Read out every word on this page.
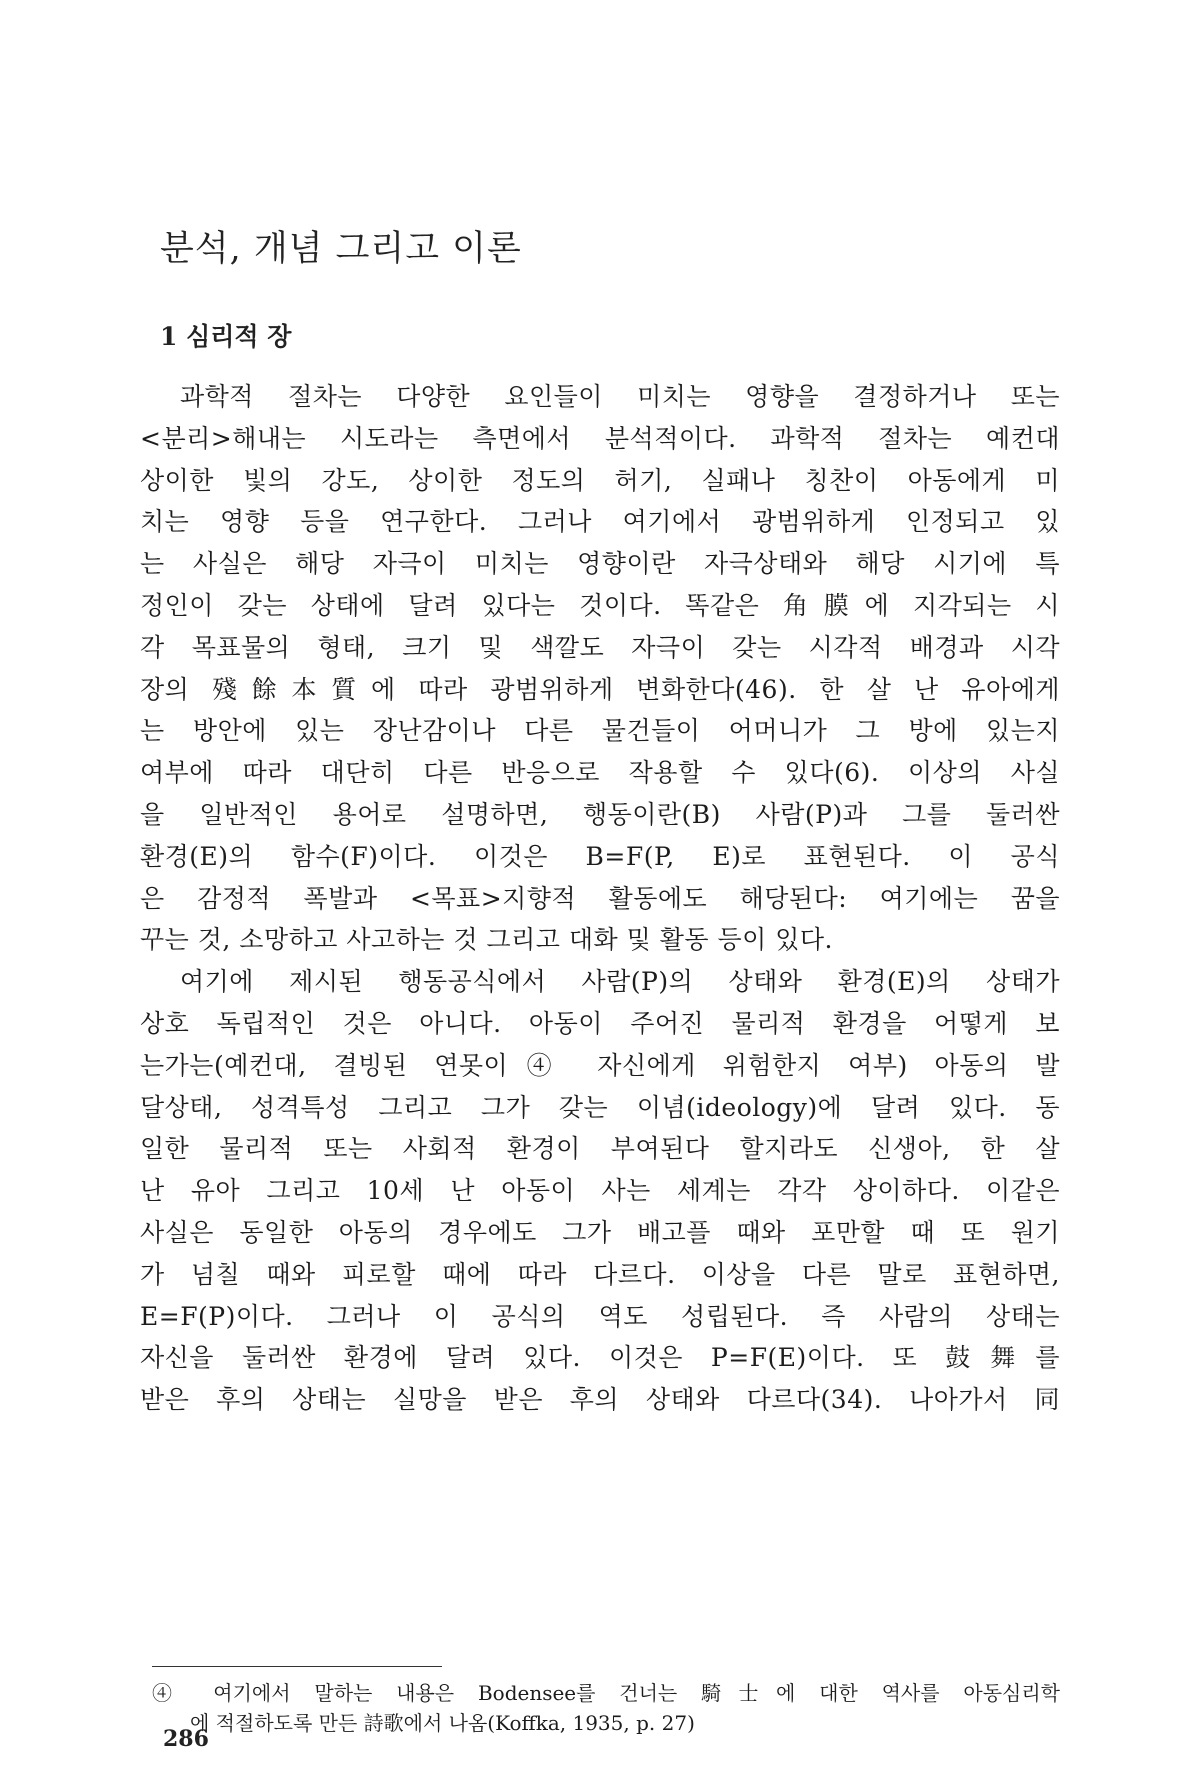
분석, 개념 그리고 이론
1 심리적 장
과학적 절차는 다양한 요인들이 미치는 영향을 결정하거나 또는
<분리>해내는 시도라는 측면에서 분석적이다. 과학적 절차는 예컨대
상이한 빛의 강도, 상이한 정도의 허기, 실패나 칭찬이 아동에게 미
치는 영향 등을 연구한다. 그러나 여기에서 광범위하게 인정되고 있
는 사실은 해당 자극이 미치는 영향이란 자극상태와 해당 시기에 특
정인이 갖는 상태에 달려 있다는 것이다. 똑같은 角膜에 지각되는 시
각 목표물의 형태, 크기 및 색깔도 자극이 갖는 시각적 배경과 시각
장의 殘餘本質에 따라 광범위하게 변화한다(46). 한 살 난 유아에게
는 방안에 있는 장난감이나 다른 물건들이 어머니가 그 방에 있는지
여부에 따라 대단히 다른 반응으로 작용할 수 있다(6). 이상의 사실
을 일반적인 용어로 설명하면, 행동이란(B) 사람(P)과 그를 둘러싼
환경(E)의 함수(F)이다. 이것은 B=F(P, E)로 표현된다. 이 공식
은 감정적 폭발과 <목표>지향적 활동에도 해당된다: 여기에는 꿈을
꾸는 것, 소망하고 사고하는 것 그리고 대화 및 활동 등이 있다.
여기에 제시된 행동공식에서 사람(P)의 상태와 환경(E)의 상태가
상호 독립적인 것은 아니다. 아동이 주어진 물리적 환경을 어떻게 보
는가는(예컨대, 결빙된 연못이④ 자신에게 위험한지 여부) 아동의 발
달상태, 성격특성 그리고 그가 갖는 이념(ideology)에 달려 있다. 동
일한 물리적 또는 사회적 환경이 부여된다 할지라도 신생아, 한 살
난 유아 그리고 10세 난 아동이 사는 세계는 각각 상이하다. 이같은
사실은 동일한 아동의 경우에도 그가 배고플 때와 포만할 때 또 원기
가 넘칠 때와 피로할 때에 따라 다르다. 이상을 다른 말로 표현하면,
E=F(P)이다. 그러나 이 공식의 역도 성립된다. 즉 사람의 상태는
자신을 둘러싼 환경에 달려 있다. 이것은 P=F(E)이다. 또 鼓舞를
받은 후의 상태는 실망을 받은 후의 상태와 다르다(34). 나아가서 同
④ 여기에서 말하는 내용은 Bodensee를 건너는 騎士에 대한 역사를 아동심리학
에 적절하도록 만든 詩歌에서 나옴(Koffka, 1935, p. 27)
286
